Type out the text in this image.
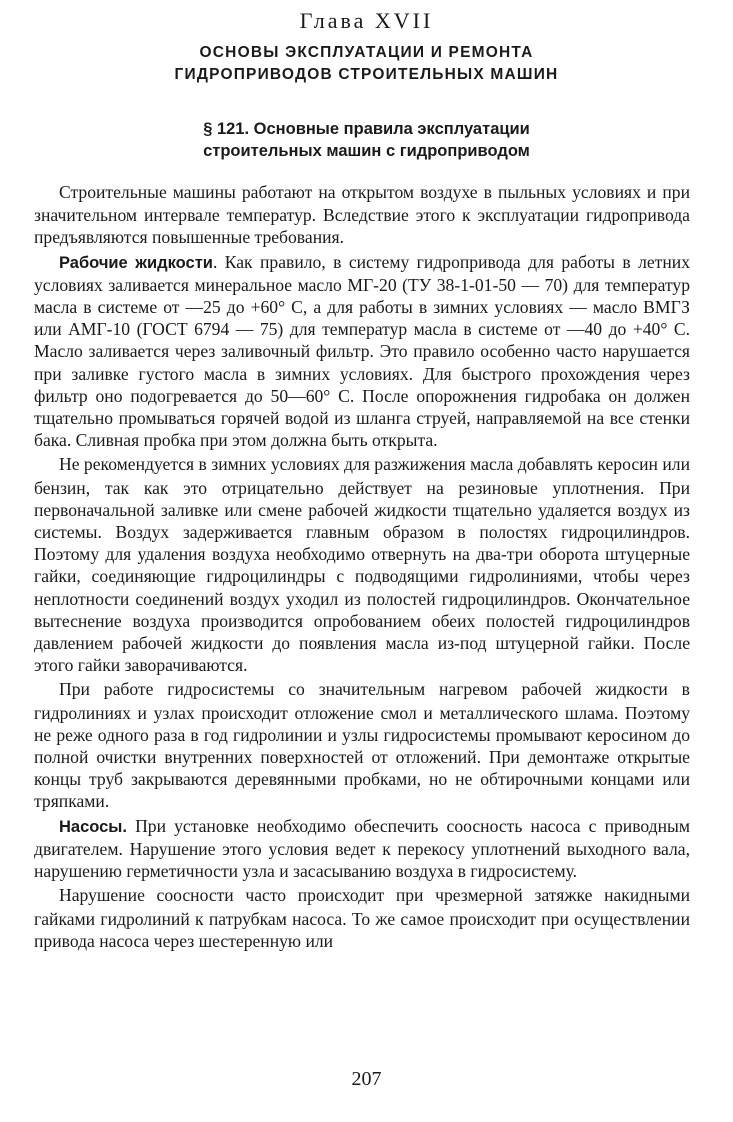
Глава XVII
ОСНОВЫ ЭКСПЛУАТАЦИИ И РЕМОНТА
ГИДРОПРИВОДОВ СТРОИТЕЛЬНЫХ МАШИН
§ 121. Основные правила эксплуатации
строительных машин с гидроприводом

Строительные машины работают на открытом воздухе в пыльных условиях и при значительном интервале температур. Вследствие этого к эксплуатации гидропривода предъявляются повышенные требования.

Рабочие жидкости. Как правило, в систему гидропривода для работы в летних условиях заливается минеральное масло МГ-20 (ТУ 38-1-01-50 — 70) для температур масла в системе от —25 до +60° С, а для работы в зимних условиях — масло ВМГЗ или АМГ-10 (ГОСТ 6794 — 75) для температур масла в системе от —40 до +40° С. Масло заливается через заливочный фильтр. Это правило особенно часто нарушается при заливке густого масла в зимних условиях. Для быстрого прохождения через фильтр оно подогревается до 50—60° С. После опорожнения гидробака он должен тщательно промываться горячей водой из шланга струей, направляемой на все стенки бака. Сливная пробка при этом должна быть открыта.

Не рекомендуется в зимних условиях для разжижения масла добавлять керосин или бензин, так как это отрицательно действует на резиновые уплотнения. При первоначальной заливке или смене рабочей жидкости тщательно удаляется воздух из системы. Воздух задерживается главным образом в полостях гидроцилиндров. Поэтому для удаления воздуха необходимо отвернуть на два-три оборота штуцерные гайки, соединяющие гидроцилиндры с подводящими гидролиниями, чтобы через неплотности соединений воздух уходил из полостей гидроцилиндров. Окончательное вытеснение воздуха производится опробованием обеих полостей гидроцилиндров давлением рабочей жидкости до появления масла из-под штуцерной гайки. После этого гайки заворачиваются.

При работе гидросистемы со значительным нагревом рабочей жидкости в гидролиниях и узлах происходит отложение смол и металлического шлама. Поэтому не реже одного раза в год гидролинии и узлы гидросистемы промывают керосином до полной очистки внутренних поверхностей от отложений. При демонтаже открытые концы труб закрываются деревянными пробками, но не обтирочными концами или тряпками.

Насосы. При установке необходимо обеспечить соосность насоса с приводным двигателем. Нарушение этого условия ведет к перекосу уплотнений выходного вала, нарушению герметичности узла и засасыванию воздуха в гидросистему.

Нарушение соосности часто происходит при чрезмерной затяжке накидными гайками гидролиний к патрубкам насоса. То же самое происходит при осуществлении привода насоса через шестеренную или

207
